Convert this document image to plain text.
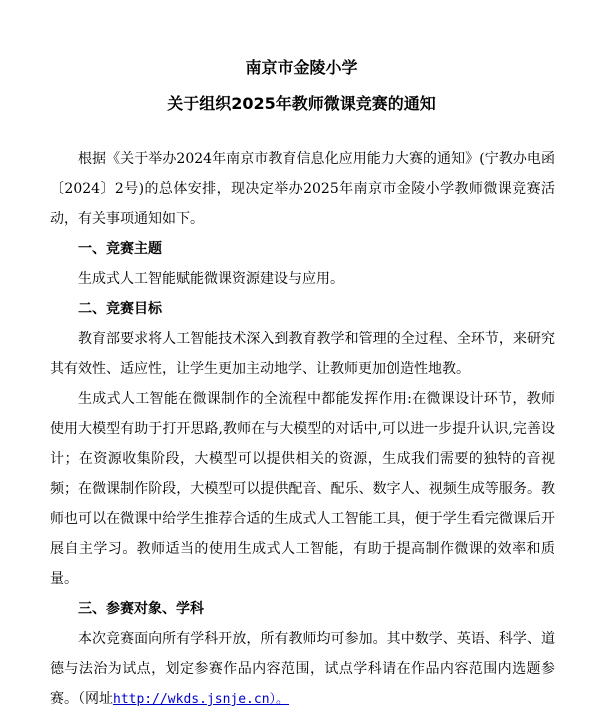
南京市金陵小学
关于组织2025年教师微课竞赛的通知

根据《关于举办2024年南京市教育信息化应用能力大赛的通知》(宁教办电函〔2024〕2号)的总体安排，现决定举办2025年南京市金陵小学教师微课竞赛活动，有关事项通知如下。

一、竞赛主题

生成式人工智能赋能微课资源建设与应用。

二、竞赛目标

教育部要求将人工智能技术深入到教育教学和管理的全过程、全环节，来研究其有效性、适应性，让学生更加主动地学、让教师更加创造性地教。

生成式人工智能在微课制作的全流程中都能发挥作用:在微课设计环节，教师使用大模型有助于打开思路,教师在与大模型的对话中,可以进一步提升认识,完善设计；在资源收集阶段，大模型可以提供相关的资源，生成我们需要的独特的音视频；在微课制作阶段，大模型可以提供配音、配乐、数字人、视频生成等服务。教师也可以在微课中给学生推荐合适的生成式人工智能工具，便于学生看完微课后开展自主学习。教师适当的使用生成式人工智能，有助于提高制作微课的效率和质量。

三、参赛对象、学科

本次竞赛面向所有学科开放，所有教师均可参加。其中数学、英语、科学、道德与法治为试点，划定参赛作品内容范围，试点学科请在作品内容范围内选题参赛。（网址http://wkds.jsnje.cn）。
